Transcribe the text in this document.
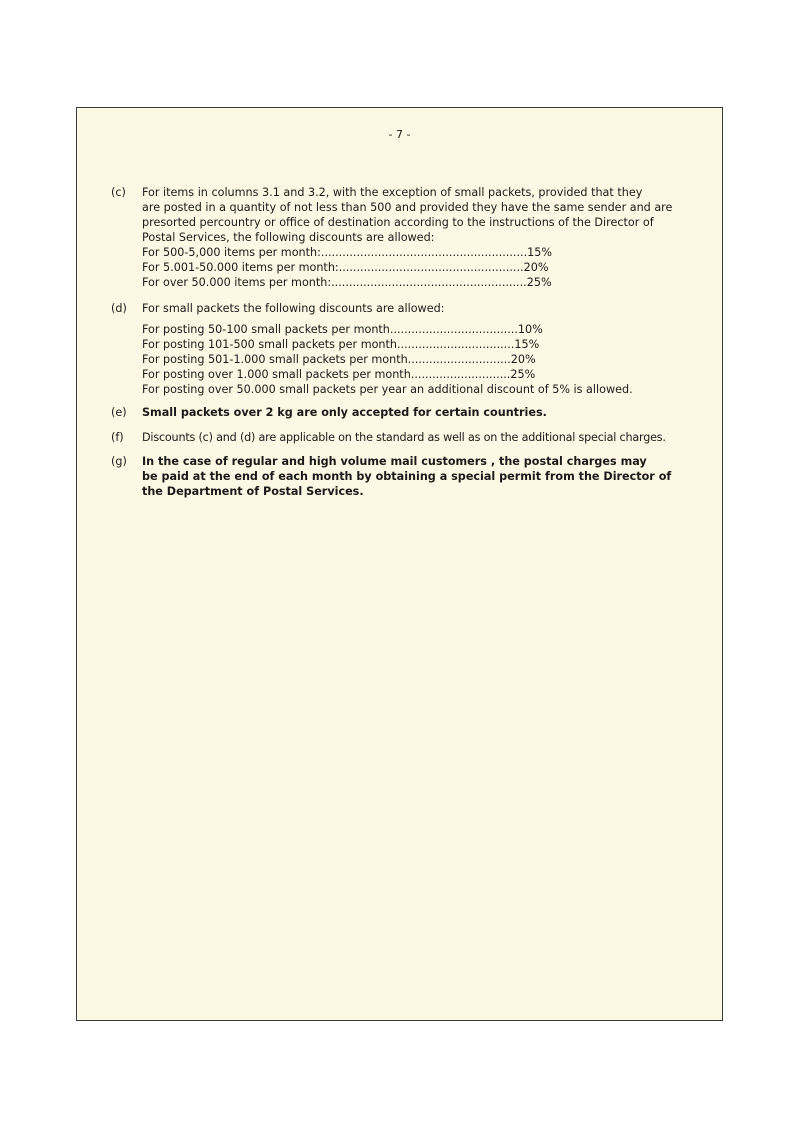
- 7 -
(c)	For items in columns 3.1 and 3.2, with the exception of small packets, provided that they
are posted in a quantity of not less than 500 and provided they have the same sender and are
presorted percountry or office of destination according to the instructions of the Director of
Postal Services, the following discounts are allowed:
For 500-5,000 items per month:..........................................................15%
For 5.001-50.000 items per month:....................................................20%
For over 50.000 items per month:.......................................................25%
(d)	For small packets the following discounts are allowed:
For posting 50-100 small packets per month....................................10%
For posting 101-500 small packets per month.................................15%
For posting 501-1.000 small packets per month.............................20%
For posting over 1.000 small packets per month............................25%
For posting over 50.000 small packets per year an additional discount of 5% is allowed.
(e)	Small packets over 2 kg are only accepted for certain countries.
(f)	Discounts (c) and (d) are applicable on the standard as well as on the additional special charges.
(g)	In the case of regular and high volume mail customers , the postal charges may
be paid at the end of each month by obtaining a special permit from the Director of
the Department of Postal Services.
